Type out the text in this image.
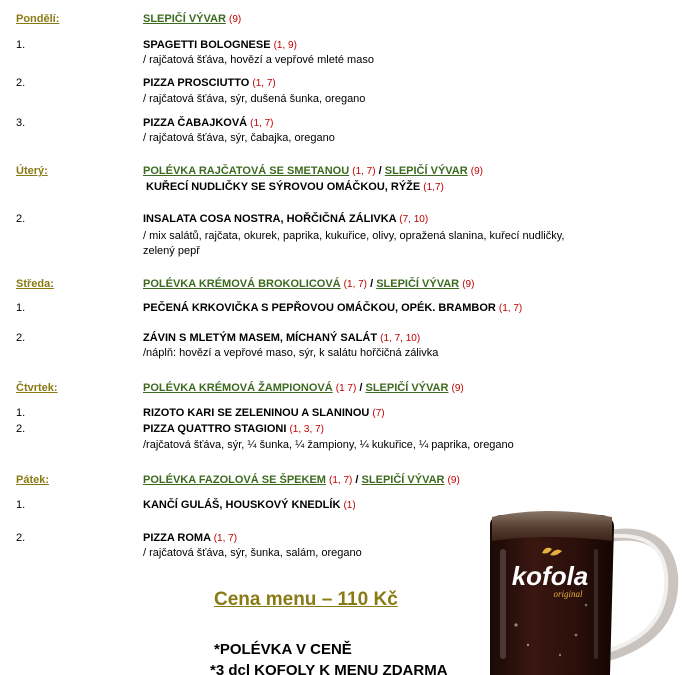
Pondělí:	SLEPIČÍ VÝVAR (9)
1.	SPAGETTI BOLOGNESE (1, 9)
/ rajčatová šťáva, hovězí a vepřové mleté maso
2.	PIZZA PROSCIUTTO (1, 7)
/ rajčatová šťáva, sýr, dušená šunka, oregano
3.	PIZZA ČABAJKOVÁ (1, 7)
/ rajčatová šťáva, sýr, čabajka, oregano
Úterý:	POLÉVKA RAJČATOVÁ SE SMETANOU (1, 7) / SLEPIČÍ VÝVAR (9)
KUŘECÍ NUDLIČKY SE SÝROVOU OMÁČKOU, RÝŽE (1,7)
2.	INSALATA COSA NOSTRA, HOŘČIČNÁ ZÁLIVKA (7, 10)
/ mix salátů, rajčata, okurek, paprika, kukuřice, olivy, opražená slanina, kuřecí nudličky,
zelený pepř
Středa:	POLÉVKA KRÉMOVÁ BROKOLICOVÁ (1, 7) / SLEPIČÍ VÝVAR (9)
1.	PEČENÁ KRKOVIČKA S PEPŘOVOU OMÁČKOU, OPÉK. BRAMBOR (1, 7)
2.	ZÁVIN S MLETÝM MASEM, MÍCHANÝ SALÁT (1, 7, 10)
/náplň: hovězí a vepřové maso, sýr, k salátu hořčičná zálivka
Čtvrtek:	POLÉVKA KRÉMOVÁ ŽAMPIONOVÁ (1 7) / SLEPIČÍ VÝVAR (9)
1.	RIZOTO KARI SE ZELENINOU A SLANINOU (7)
2.	PIZZA QUATTRO STAGIONI (1, 3, 7)
/rajčatová šťáva, sýr, ¼ šunka, ¼ žampiony, ¼ kukuřice, ¼ paprika, oregano
Pátek:	POLÉVKA FAZOLOVÁ SE ŠPEKEM (1, 7) / SLEPIČÍ VÝVAR (9)
1.	KANČÍ GULÁŠ, HOUSKOVÝ KNEDLÍK (1)
2.	PIZZA ROMA (1, 7)
/ rajčatová šťáva, sýr, šunka, salám, oregano
Cena menu – 110 Kč
*POLÉVKA V CENĚ
*3 dcl KOFOLY K MENU ZDARMA
kofola
original
